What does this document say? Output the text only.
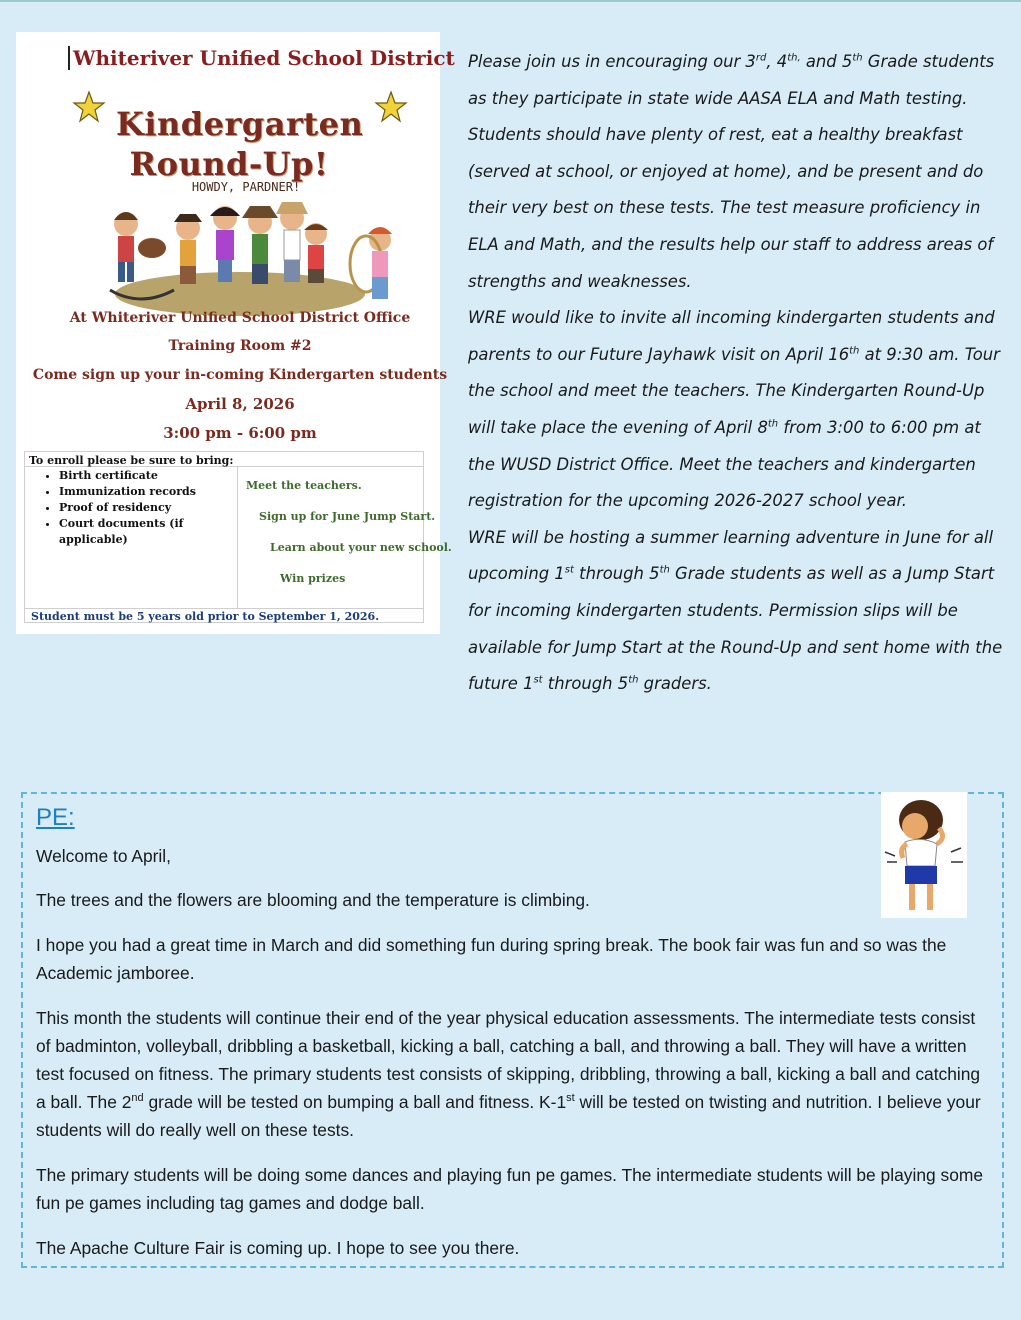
Whiteriver Unified School District
Kindergarten
Round-Up!
HOWDY, PARDNER!
At Whiteriver Unified School District Office
Training Room #2
Come sign up your in-coming Kindergarten students
April 8, 2026
3:00 pm - 6:00 pm
To enroll please be sure to bring:
• Birth certificate
• Immunization records
• Proof of residency
• Court documents (if applicable)
Meet the teachers.
Sign up for June Jump Start.
Learn about your new school.
Win prizes
Student must be 5 years old prior to September 1, 2026.

Please join us in encouraging our 3rd, $4^{th,}$ and 5th Grade students as they participate in state wide AASA ELA and Math testing. Students should have plenty of rest, eat a healthy breakfast (served at school, or enjoyed at home), and be present and do their very best on these tests. The test measure proficiency in ELA and Math, and the results help our staff to address areas of strengths and weaknesses.

WRE would like to invite all incoming kindergarten students and parents to our Future Jayhawk visit on April 16th at 9:30 am. Tour the school and meet the teachers. The Kindergarten Round-Up will take place the evening of April 8th from 3:00 to 6:00 pm at the WUSD District Office. Meet the teachers and kindergarten registration for the upcoming 2026-2027 school year.

WRE will be hosting a summer learning adventure in June for all upcoming 1st through 5th Grade students as well as a Jump Start for incoming kindergarten students. Permission slips will be available for Jump Start at the Round-Up and sent home with the future 1st through 5th graders.

PE:
Welcome to April,
The trees and the flowers are blooming and the temperature is climbing.
I hope you had a great time in March and did something fun during spring break. The book fair was fun and so was the Academic jamboree.
This month the students will continue their end of the year physical education assessments. The intermediate tests consist of badminton, volleyball, dribbling a basketball, kicking a ball, catching a ball, and throwing a ball. They will have a written test focused on fitness. The primary students test consists of skipping, dribbling, throwing a ball, kicking a ball and catching a ball. The 2nd grade will be tested on bumping a ball and fitness. K-1st will be tested on twisting and nutrition. I believe your students will do really well on these tests.
The primary students will be doing some dances and playing fun pe games. The intermediate students will be playing some fun pe games including tag games and dodge ball.
The Apache Culture Fair is coming up. I hope to see you there.
